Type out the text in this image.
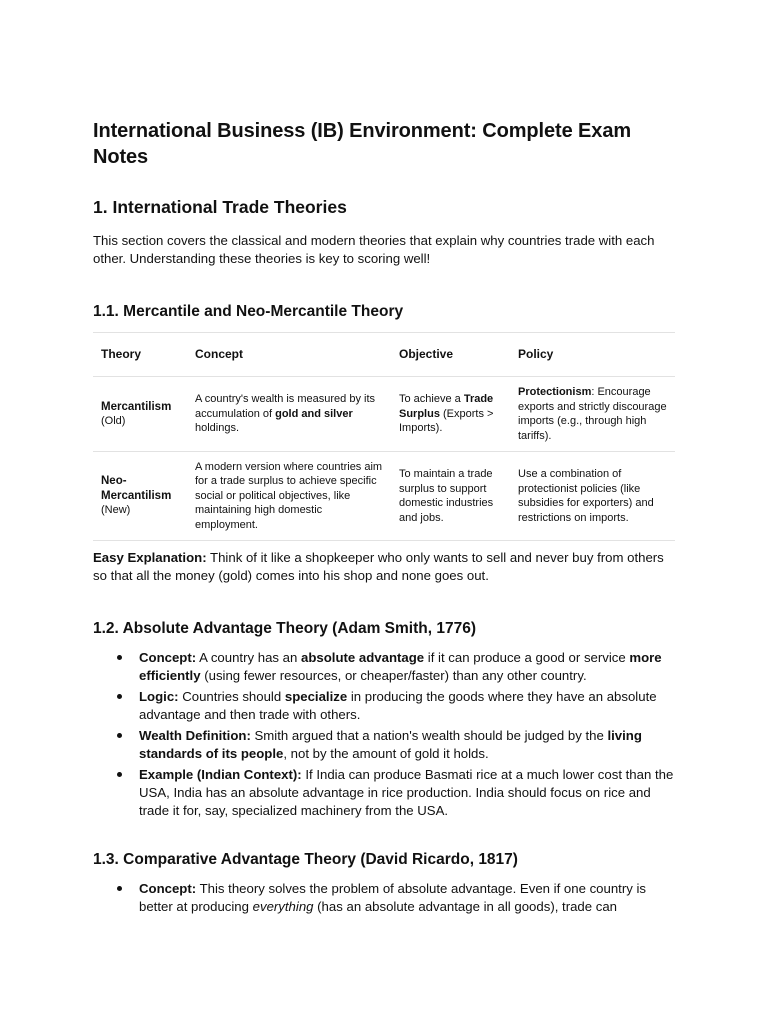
International Business (IB) Environment: Complete Exam Notes
1. International Trade Theories

This section covers the classical and modern theories that explain why countries trade with each other. Understanding these theories is key to scoring well!

1.1. Mercantile and Neo-Mercantile Theory
Theory	Concept	Objective	Policy
Mercantilism (Old)	A country's wealth is measured by its accumulation of gold and silver holdings.	To achieve a Trade Surplus (Exports > Imports).	Protectionism: Encourage exports and strictly discourage imports (e.g., through high tariffs).
Neo-Mercantilism (New)	A modern version where countries aim for a trade surplus to achieve specific social or political objectives, like maintaining high domestic employment.	To maintain a trade surplus to support domestic industries and jobs.	Use a combination of protectionist policies (like subsidies for exporters) and restrictions on imports.

Easy Explanation: Think of it like a shopkeeper who only wants to sell and never buy from others so that all the money (gold) comes into his shop and none goes out.

1.2. Absolute Advantage Theory (Adam Smith, 1776)
Concept: A country has an absolute advantage if it can produce a good or service more efficiently (using fewer resources, or cheaper/faster) than any other country.
Logic: Countries should specialize in producing the goods where they have an absolute advantage and then trade with others.
Wealth Definition: Smith argued that a nation's wealth should be judged by the living standards of its people, not by the amount of gold it holds.
Example (Indian Context): If India can produce Basmati rice at a much lower cost than the USA, India has an absolute advantage in rice production. India should focus on rice and trade it for, say, specialized machinery from the USA.
1.3. Comparative Advantage Theory (David Ricardo, 1817)
Concept: This theory solves the problem of absolute advantage. Even if one country is better at producing everything (has an absolute advantage in all goods), trade can
